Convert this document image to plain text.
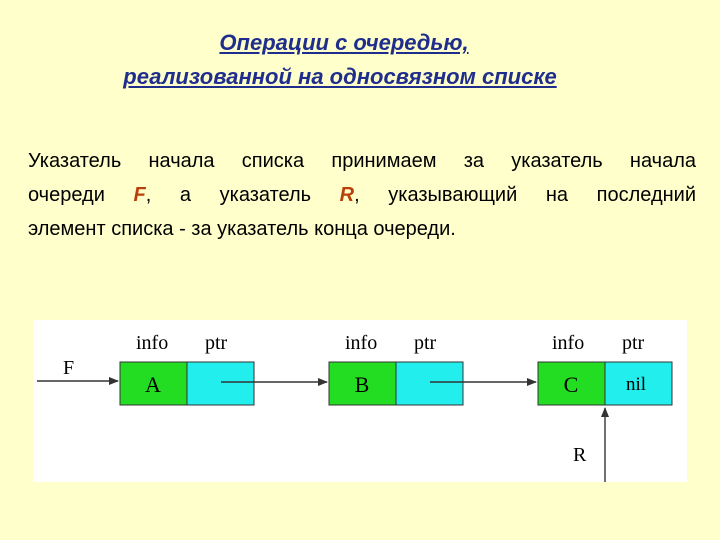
Операции с очередью,
реализованной на односвязном списке
Указатель начала списка принимаем за указатель начала
очереди F, а указатель R, указывающий на последний
элемент списка - за указатель конца очереди.
F
info ptr
A
info ptr
B
info ptr
C	nil
R
